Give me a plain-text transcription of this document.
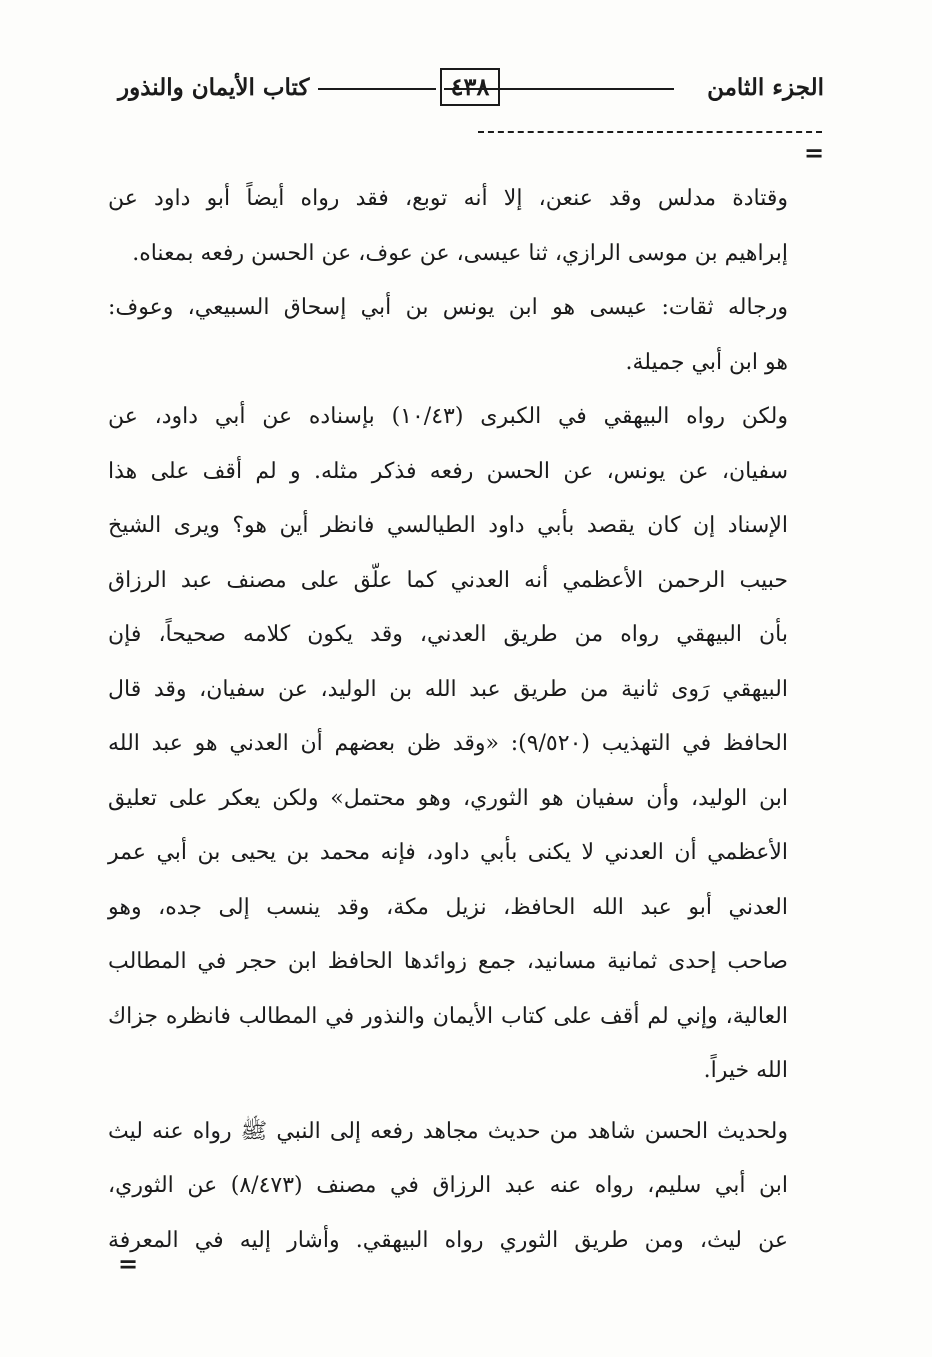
الجزء الثامن
٤٣٨
كتاب الأيمان والنذور
=
وقتادة مدلس وقد عنعن، إلا أنه توبع، فقد رواه أيضاً أبو داود عن
إبراهيم بن موسى الرازي، ثنا عيسى، عن عوف، عن الحسن رفعه بمعناه.
ورجاله ثقات: عيسى هو ابن يونس بن أبي إسحاق السبيعي، وعوف:
هو ابن أبي جميلة.
ولكن رواه البيهقي في الكبرى (١٠/٤٣) بإسناده عن أبي داود، عن
سفيان، عن يونس، عن الحسن رفعه فذكر مثله. و لم أقف على هذا
الإسناد إن كان يقصد بأبي داود الطيالسي فانظر أين هو؟ ويرى الشيخ
حبيب الرحمن الأعظمي أنه العدني كما علّق على مصنف عبد الرزاق
بأن البيهقي رواه من طريق العدني، وقد يكون كلامه صحيحاً، فإن
البيهقي رَوى ثانية من طريق عبد الله بن الوليد، عن سفيان، وقد قال
الحافظ في التهذيب (٩/٥٢٠): «وقد ظن بعضهم أن العدني هو عبد الله
ابن الوليد، وأن سفيان هو الثوري، وهو محتمل» ولكن يعكر على تعليق
الأعظمي أن العدني لا يكنى بأبي داود، فإنه محمد بن يحيى بن أبي عمر
العدني أبو عبد الله الحافظ، نزيل مكة، وقد ينسب إلى جده، وهو
صاحب إحدى ثمانية مسانيد، جمع زوائدها الحافظ ابن حجر في المطالب
العالية، وإني لم أقف على كتاب الأيمان والنذور في المطالب فانظره جزاك
الله خيراً.
ولحديث الحسن شاهد من حديث مجاهد رفعه إلى النبي ﷺ رواه عنه ليث
ابن أبي سليم، رواه عنه عبد الرزاق في مصنف (٨/٤٧٣) عن الثوري،
عن ليث، ومن طريق الثوري رواه البيهقي. وأشار إليه في المعرفة
=
